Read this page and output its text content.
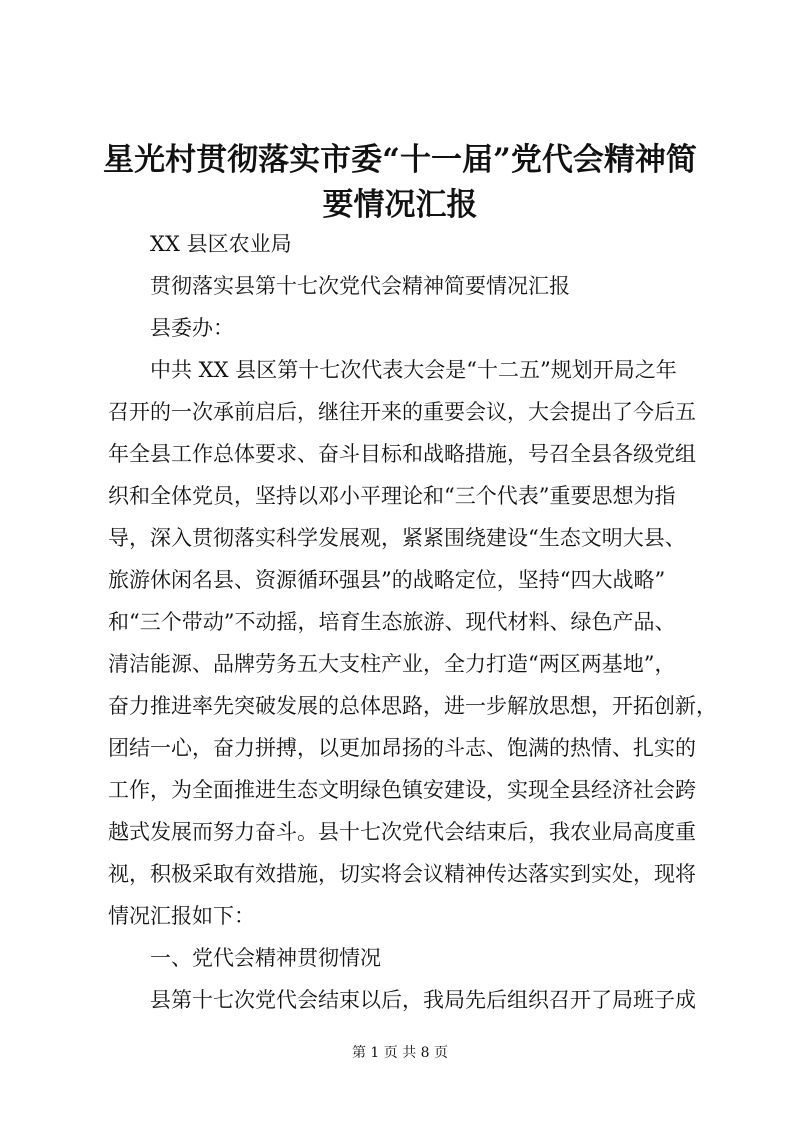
星光村贯彻落实市委“十一届”党代会精神简
要情况汇报

XX 县区农业局

贯彻落实县第十七次党代会精神简要情况汇报

县委办：

中共 XX 县区第十七次代表大会是“十二五”规划开局之年

召开的一次承前启后，继往开来的重要会议，大会提出了今后五

年全县工作总体要求、奋斗目标和战略措施，号召全县各级党组

织和全体党员，坚持以邓小平理论和“三个代表”重要思想为指

导，深入贯彻落实科学发展观，紧紧围绕建设“生态文明大县、

旅游休闲名县、资源循环强县”的战略定位，坚持“四大战略”

和“三个带动”不动摇，培育生态旅游、现代材料、绿色产品、

清洁能源、品牌劳务五大支柱产业，全力打造“两区两基地”，

奋力推进率先突破发展的总体思路，进一步解放思想，开拓创新，

团结一心，奋力拼搏，以更加昂扬的斗志、饱满的热情、扎实的

工作，为全面推进生态文明绿色镇安建设，实现全县经济社会跨

越式发展而努力奋斗。县十七次党代会结束后，我农业局高度重

视，积极采取有效措施，切实将会议精神传达落实到实处，现将

情况汇报如下：

一、党代会精神贯彻情况

县第十七次党代会结束以后，我局先后组织召开了局班子成

第 1 页 共 8 页
